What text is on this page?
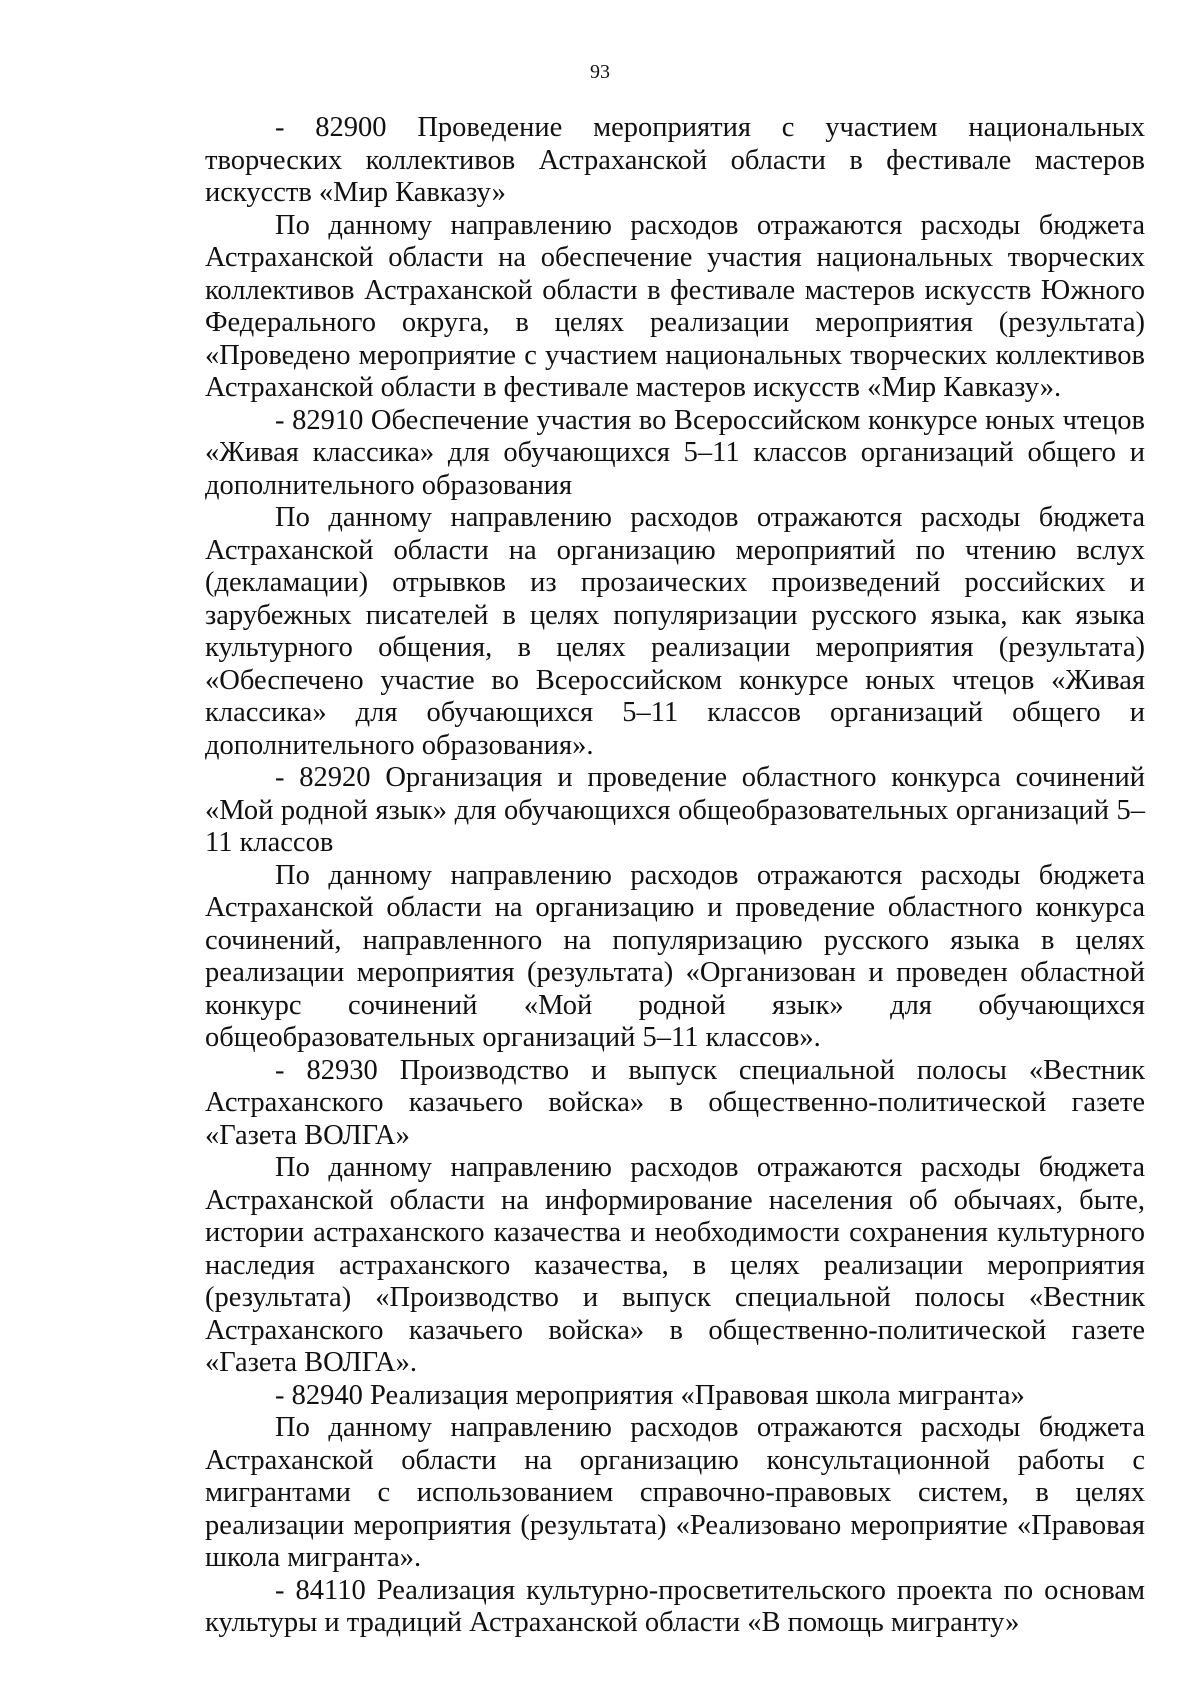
93

- 82900 Проведение мероприятия с участием национальных творческих коллективов Астраханской области в фестивале мастеров искусств «Мир Кавказу»

По данному направлению расходов отражаются расходы бюджета Астраханской области на обеспечение участия национальных творческих коллективов Астраханской области в фестивале мастеров искусств Южного Федерального округа, в целях реализации мероприятия (результата) «Проведено мероприятие с участием национальных творческих коллективов Астраханской области в фестивале мастеров искусств «Мир Кавказу».

- 82910 Обеспечение участия во Всероссийском конкурсе юных чтецов «Живая классика» для обучающихся 5–11 классов организаций общего и дополнительного образования

По данному направлению расходов отражаются расходы бюджета Астраханской области на организацию мероприятий по чтению вслух (декламации) отрывков из прозаических произведений российских и зарубежных писателей в целях популяризации русского языка, как языка культурного общения, в целях реализации мероприятия (результата) «Обеспечено участие во Всероссийском конкурсе юных чтецов «Живая классика» для обучающихся 5–11 классов организаций общего и дополнительного образования».

- 82920 Организация и проведение областного конкурса сочинений «Мой родной язык» для обучающихся общеобразовательных организаций 5–11 классов

По данному направлению расходов отражаются расходы бюджета Астраханской области на организацию и проведение областного конкурса сочинений, направленного на популяризацию русского языка в целях реализации мероприятия (результата) «Организован и проведен областной конкурс сочинений «Мой родной язык» для обучающихся общеобразовательных организаций 5–11 классов».

- 82930 Производство и выпуск специальной полосы «Вестник Астраханского казачьего войска» в общественно-политической газете «Газета ВОЛГА»

По данному направлению расходов отражаются расходы бюджета Астраханской области на информирование населения об обычаях, быте, истории астраханского казачества и необходимости сохранения культурного наследия астраханского казачества, в целях реализации мероприятия (результата) «Производство и выпуск специальной полосы «Вестник Астраханского казачьего войска» в общественно-политической газете «Газета ВОЛГА».

- 82940 Реализация мероприятия «Правовая школа мигранта»

По данному направлению расходов отражаются расходы бюджета Астраханской области на организацию консультационной работы с мигрантами с использованием справочно-правовых систем, в целях реализации мероприятия (результата) «Реализовано мероприятие «Правовая школа мигранта».

- 84110 Реализация культурно-просветительского проекта по основам культуры и традиций Астраханской области «В помощь мигранту»
